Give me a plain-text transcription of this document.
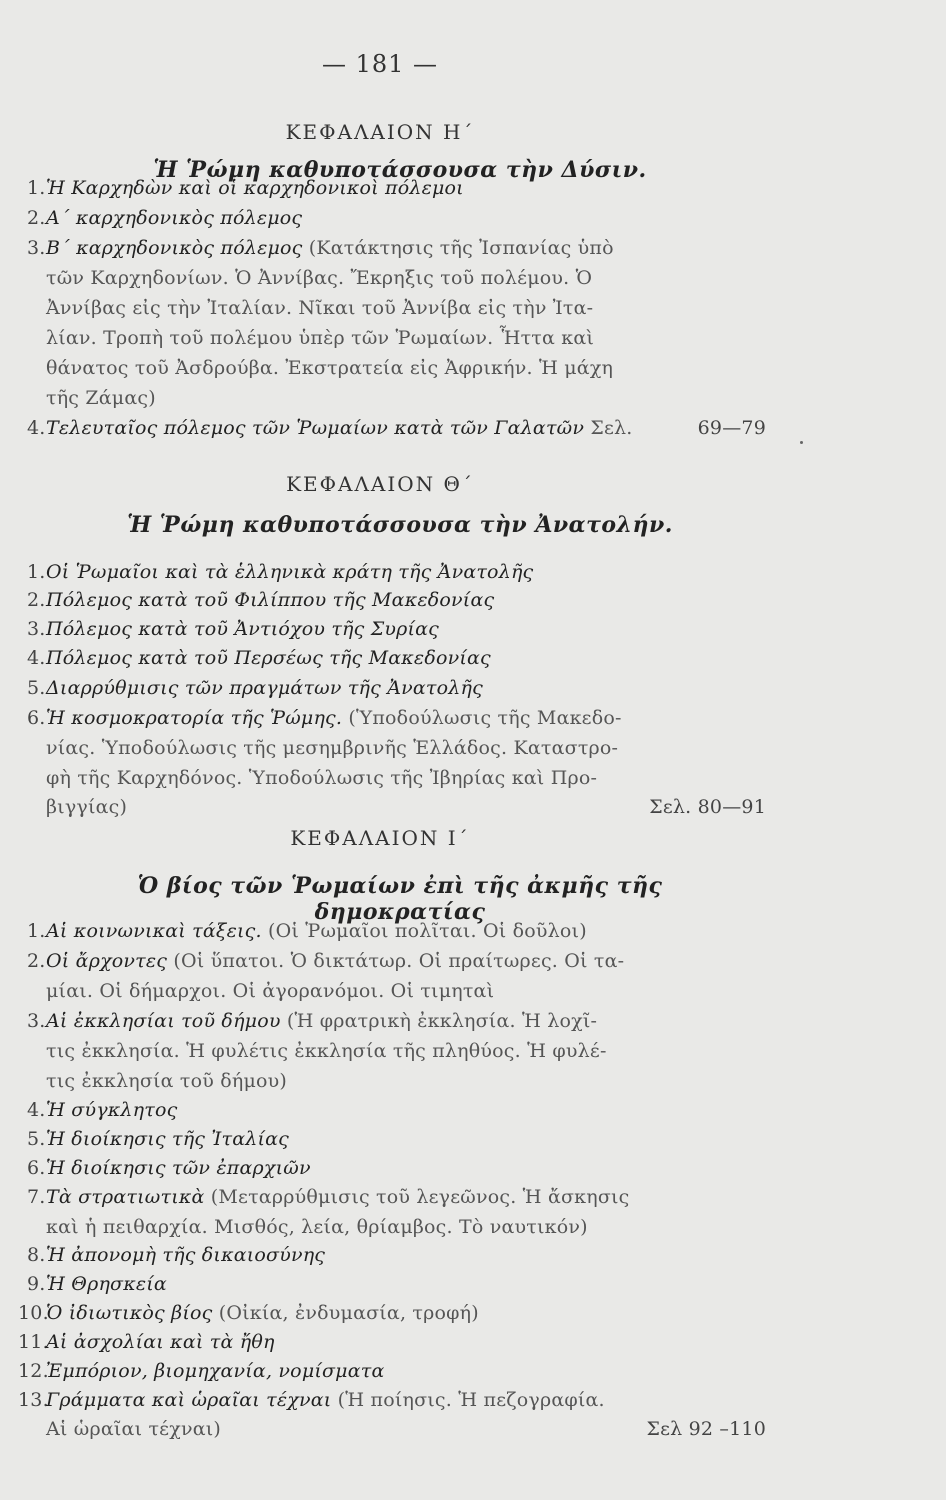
— 181 —
ΚΕΦΑΛΑΙΟΝ Η΄
Ἡ Ῥώμη καθυποτάσσουσα τὴν Δύσιν.
1. Ἡ Καρχηδὼν καὶ οἱ καρχηδονικοὶ πόλεμοι
2. Α΄ καρχηδονικὸς πόλεμος
3. Β΄ καρχηδονικὸς πόλεμος (Κατάκτησις τῆς Ἰσπανίας ὑπὸ
τῶν Καρχηδονίων. Ὁ Ἀννίβας. Ἔκρηξις τοῦ πολέμου. Ὁ
Ἀννίβας εἰς τὴν Ἰταλίαν. Νῖκαι τοῦ Ἀννίβα εἰς τὴν Ἰτα-
λίαν. Τροπὴ τοῦ πολέμου ὑπὲρ τῶν Ῥωμαίων. Ἧττα καὶ
θάνατος τοῦ Ἀσδρούβα. Ἐκστρατεία εἰς Ἀφρικήν. Ἡ μάχη
τῆς Ζάμας)
4. Τελευταῖος πόλεμος τῶν Ῥωμαίων κατὰ τῶν Γαλατῶν Σελ.	69—79
ΚΕΦΑΛΑΙΟΝ Θ΄
Ἡ Ῥώμη καθυποτάσσουσα τὴν Ἀνατολήν.
1. Οἱ Ῥωμαῖοι καὶ τὰ ἑλληνικὰ κράτη τῆς Ἀνατολῆς
2. Πόλεμος κατὰ τοῦ Φιλίππου τῆς Μακεδονίας
3. Πόλεμος κατὰ τοῦ Ἀντιόχου τῆς Συρίας
4. Πόλεμος κατὰ τοῦ Περσέως τῆς Μακεδονίας
5. Διαρρύθμισις τῶν πραγμάτων τῆς Ἀνατολῆς
6. Ἡ κοσμοκρατορία τῆς Ῥώμης. (Ὑποδούλωσις τῆς Μακεδο-
νίας. Ὑποδούλωσις τῆς μεσημβρινῆς Ἑλλάδος. Καταστρο-
φὴ τῆς Καρχηδόνος. Ὑποδούλωσις τῆς Ἰβηρίας καὶ Προ-
βιγγίας)	Σελ. 80—91
ΚΕΦΑΛΑΙΟΝ Ι΄
Ὁ βίος τῶν Ῥωμαίων ἐπὶ τῆς ἀκμῆς τῆς δημοκρατίας
1. Αἱ κοινωνικαὶ τάξεις. (Οἱ Ῥωμαῖοι πολῖται. Οἱ δοῦλοι)
2. Οἱ ἄρχοντες (Οἱ ὕπατοι. Ὁ δικτάτωρ. Οἱ πραίτωρες. Οἱ τα-
μίαι. Οἱ δήμαρχοι. Οἱ ἀγορανόμοι. Οἱ τιμηταὶ
3. Αἱ ἐκκλησίαι τοῦ δήμου (Ἡ φρατρικὴ ἐκκλησία. Ἡ λοχῖ-
τις ἐκκλησία. Ἡ φυλέτις ἐκκλησία τῆς πληθύος. Ἡ φυλέ-
τις ἐκκλησία τοῦ δήμου)
4. Ἡ σύγκλητος
5. Ἡ διοίκησις τῆς Ἰταλίας
6. Ἡ διοίκησις τῶν ἐπαρχιῶν
7. Τὰ στρατιωτικὰ (Μεταρρύθμισις τοῦ λεγεῶνος. Ἡ ἄσκησις
καὶ ἡ πειθαρχία. Μισθός, λεία, θρίαμβος. Τὸ ναυτικόν)
8. Ἡ ἀπονομὴ τῆς δικαιοσύνης
9. Ἡ Θρησκεία
10.
Ὁ ἰδιωτικὸς βίος (Οἰκία, ἐνδυμασία, τροφή)
11.
Αἱ ἀσχολίαι καὶ τὰ ἤθη
12.
Ἐμπόριον, βιομηχανία, νομίσματα
13.
Γράμματα καὶ ὡραῖαι τέχναι (Ἡ ποίησις. Ἡ πεζογραφία.
Αἱ ὡραῖαι τέχναι)	Σελ 92 –110
